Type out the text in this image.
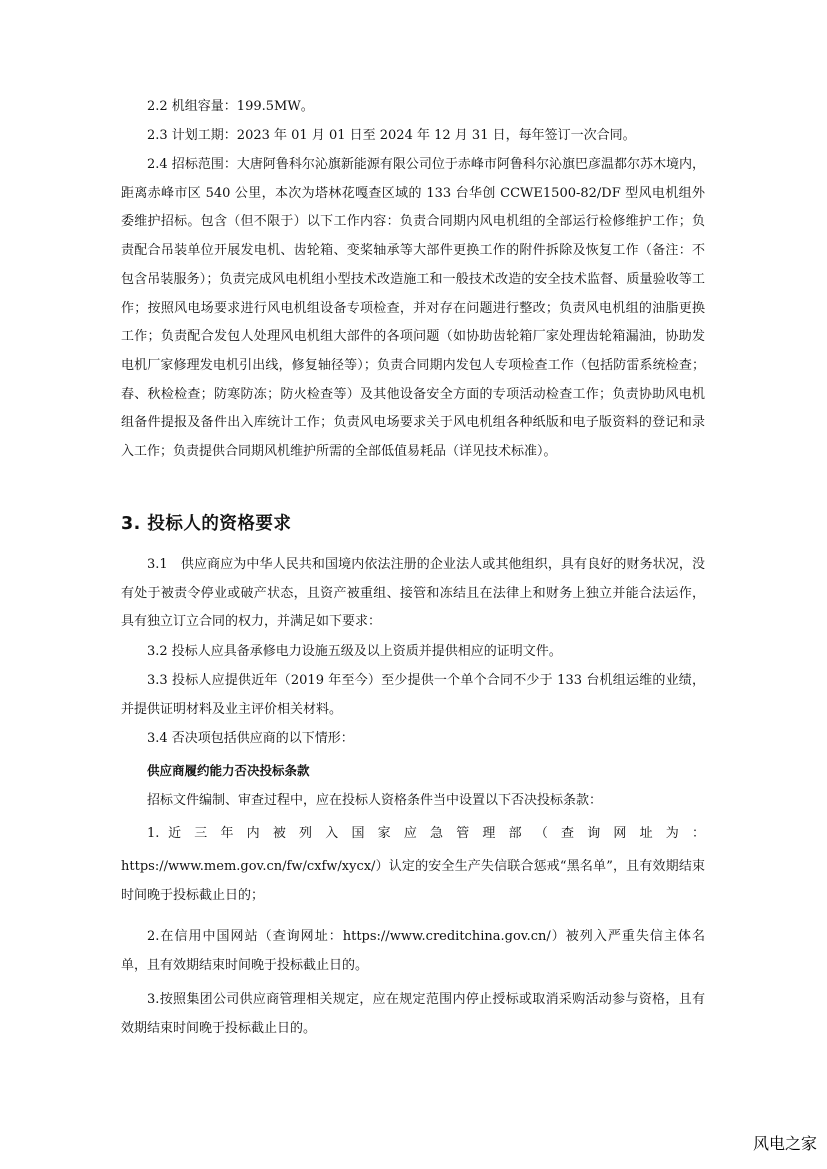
2.2 机组容量：199.5MW。

2.3 计划工期：2023 年 01 月 01 日至 2024 年 12 月 31 日，每年签订一次合同。

2.4 招标范围：大唐阿鲁科尔沁旗新能源有限公司位于赤峰市阿鲁科尔沁旗巴彦温都尔苏木境内，距离赤峰市区 540 公里，本次为塔林花嘎查区域的 133 台华创 CCWE1500-82/DF 型风电机组外委维护招标。包含（但不限于）以下工作内容：负责合同期内风电机组的全部运行检修维护工作；负责配合吊装单位开展发电机、齿轮箱、变桨轴承等大部件更换工作的附件拆除及恢复工作（备注：不包含吊装服务）；负责完成风电机组小型技术改造施工和一般技术改造的安全技术监督、质量验收等工作；按照风电场要求进行风电机组设备专项检查，并对存在问题进行整改；负责风电机组的油脂更换工作；负责配合发包人处理风电机组大部件的各项问题（如协助齿轮箱厂家处理齿轮箱漏油，协助发电机厂家修理发电机引出线，修复轴径等）；负责合同期内发包人专项检查工作（包括防雷系统检查；春、秋检检查；防寒防冻；防火检查等）及其他设备安全方面的专项活动检查工作；负责协助风电机组备件提报及备件出入库统计工作；负责风电场要求关于风电机组各种纸版和电子版资料的登记和录入工作；负责提供合同期风机维护所需的全部低值易耗品（详见技术标准）。

3. 投标人的资格要求

3.1　供应商应为中华人民共和国境内依法注册的企业法人或其他组织，具有良好的财务状况，没有处于被责令停业或破产状态，且资产被重组、接管和冻结且在法律上和财务上独立并能合法运作，具有独立订立合同的权力，并满足如下要求：

3.2 投标人应具备承修电力设施五级及以上资质并提供相应的证明文件。

3.3 投标人应提供近年（2019 年至今）至少提供一个单个合同不少于 133 台机组运维的业绩，并提供证明材料及业主评价相关材料。

3.4 否决项包括供应商的以下情形：

供应商履约能力否决投标条款

招标文件编制、审查过程中，应在投标人资格条件当中设置以下否决投标条款：

1. 近 三 年 内 被 列 入 国 家 应 急 管 理 部 （ 查 询 网 址 为 ：

https://www.mem.gov.cn/fw/cxfw/xycx/）认定的安全生产失信联合惩戒“黑名单”，且有效期结束时间晚于投标截止日的；

2.在信用中国网站（查询网址：https://www.creditchina.gov.cn/）被列入严重失信主体名单，且有效期结束时间晚于投标截止日的。

3.按照集团公司供应商管理相关规定，应在规定范围内停止授标或取消采购活动参与资格，且有效期结束时间晚于投标截止日的。

风电之家
